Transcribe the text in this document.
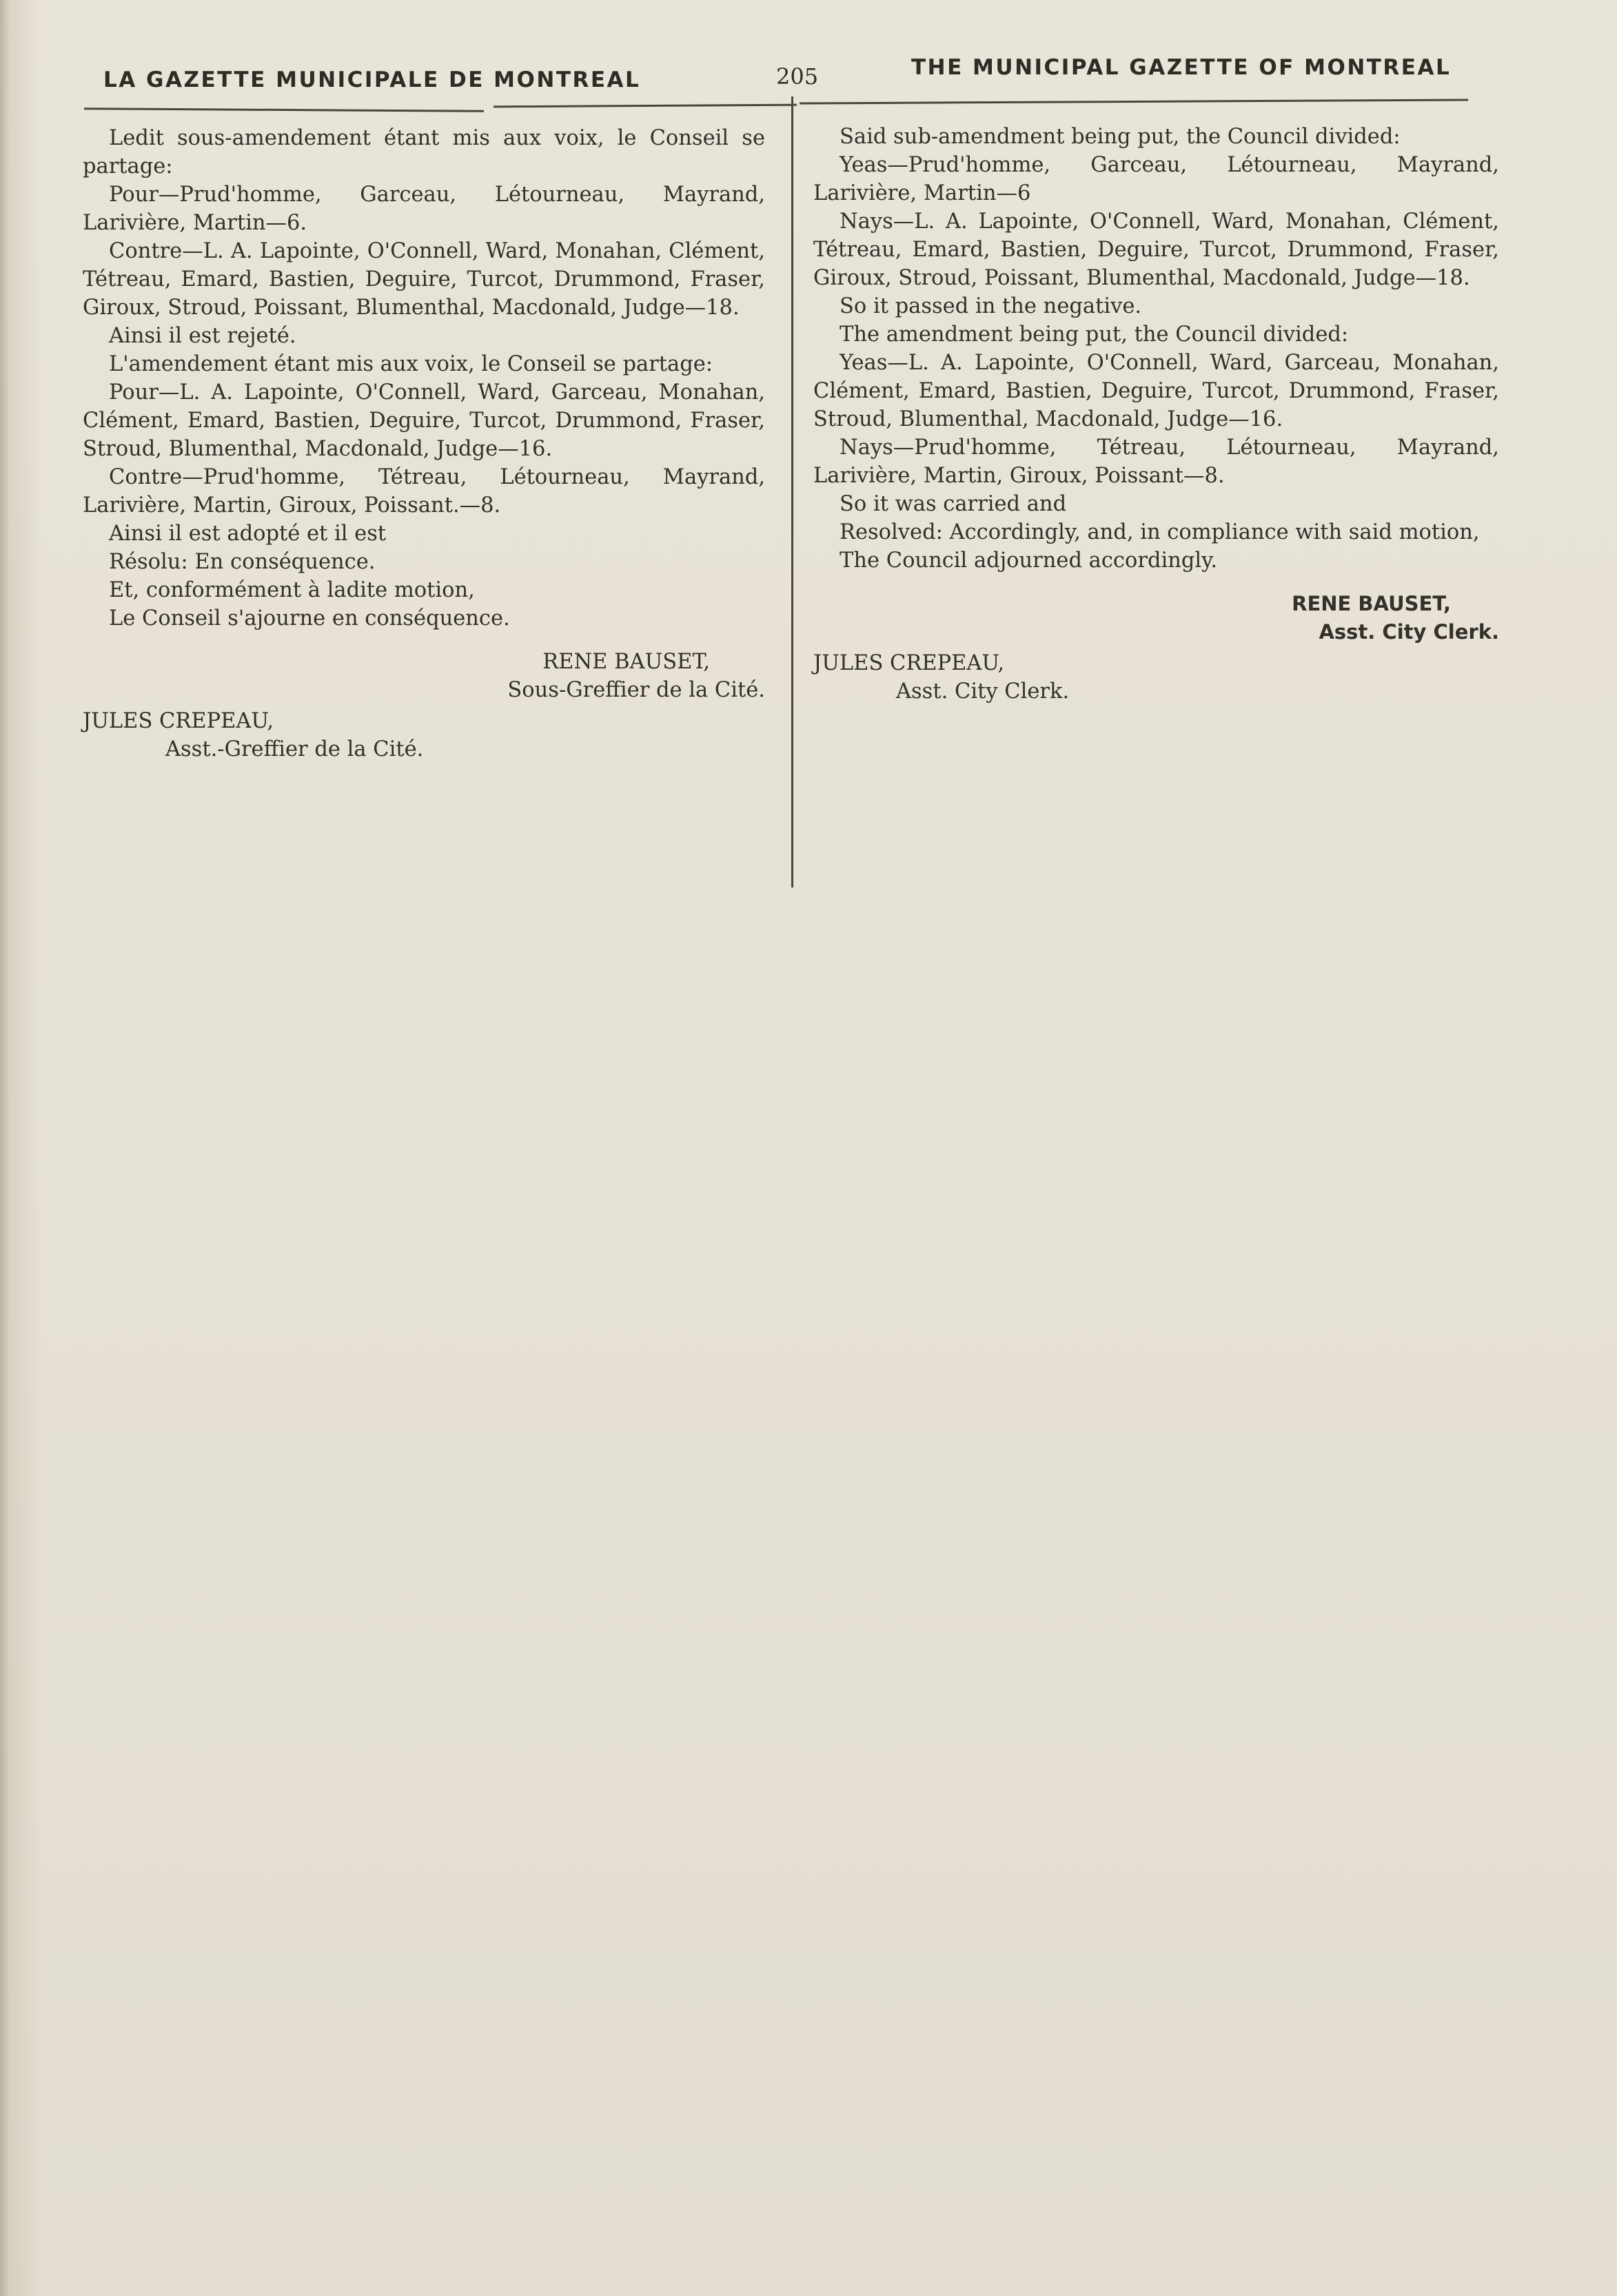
LA GAZETTE MUNICIPALE DE MONTREAL	205	THE MUNICIPAL GAZETTE OF MONTREAL

Ledit sous-amendement étant mis aux voix, le Conseil se partage:

Pour—Prud'homme, Garceau, Létourneau, Mayrand, Larivière, Martin—6.

Contre—L. A. Lapointe, O'Connell, Ward, Monahan, Clément, Tétreau, Emard, Bastien, Deguire, Turcot, Drummond, Fraser, Giroux, Stroud, Poissant, Blumenthal, Macdonald, Judge—18.

Ainsi il est rejeté.

L'amendement étant mis aux voix, le Conseil se partage:

Pour—L. A. Lapointe, O'Connell, Ward, Garceau, Monahan, Clément, Emard, Bastien, Deguire, Turcot, Drummond, Fraser, Stroud, Blumenthal, Macdonald, Judge—16.

Contre—Prud'homme, Tétreau, Létourneau, Mayrand, Larivière, Martin, Giroux, Poissant.—8.

Ainsi il est adopté et il est

Résolu: En conséquence.

Et, conformément à ladite motion,

Le Conseil s'ajourne en conséquence.

RENE BAUSET,

Sous-Greffier de la Cité.

JULES CREPEAU,

Asst.-Greffier de la Cité.

Said sub-amendment being put, the Council divided:

Yeas—Prud'homme, Garceau, Létourneau, Mayrand, Larivière, Martin—6

Nays—L. A. Lapointe, O'Connell, Ward, Monahan, Clément, Tétreau, Emard, Bastien, Deguire, Turcot, Drummond, Fraser, Giroux, Stroud, Poissant, Blumenthal, Macdonald, Judge—18.

So it passed in the negative.

The amendment being put, the Council divided:

Yeas—L. A. Lapointe, O'Connell, Ward, Garceau, Monahan, Clément, Emard, Bastien, Deguire, Turcot, Drummond, Fraser, Stroud, Blumenthal, Macdonald, Judge—16.

Nays—Prud'homme, Tétreau, Létourneau, Mayrand, Larivière, Martin, Giroux, Poissant—8.

So it was carried and

Resolved: Accordingly, and, in compliance with said motion,

The Council adjourned accordingly.

RENE BAUSET,

Asst. City Clerk.

JULES CREPEAU,

Asst. City Clerk.
